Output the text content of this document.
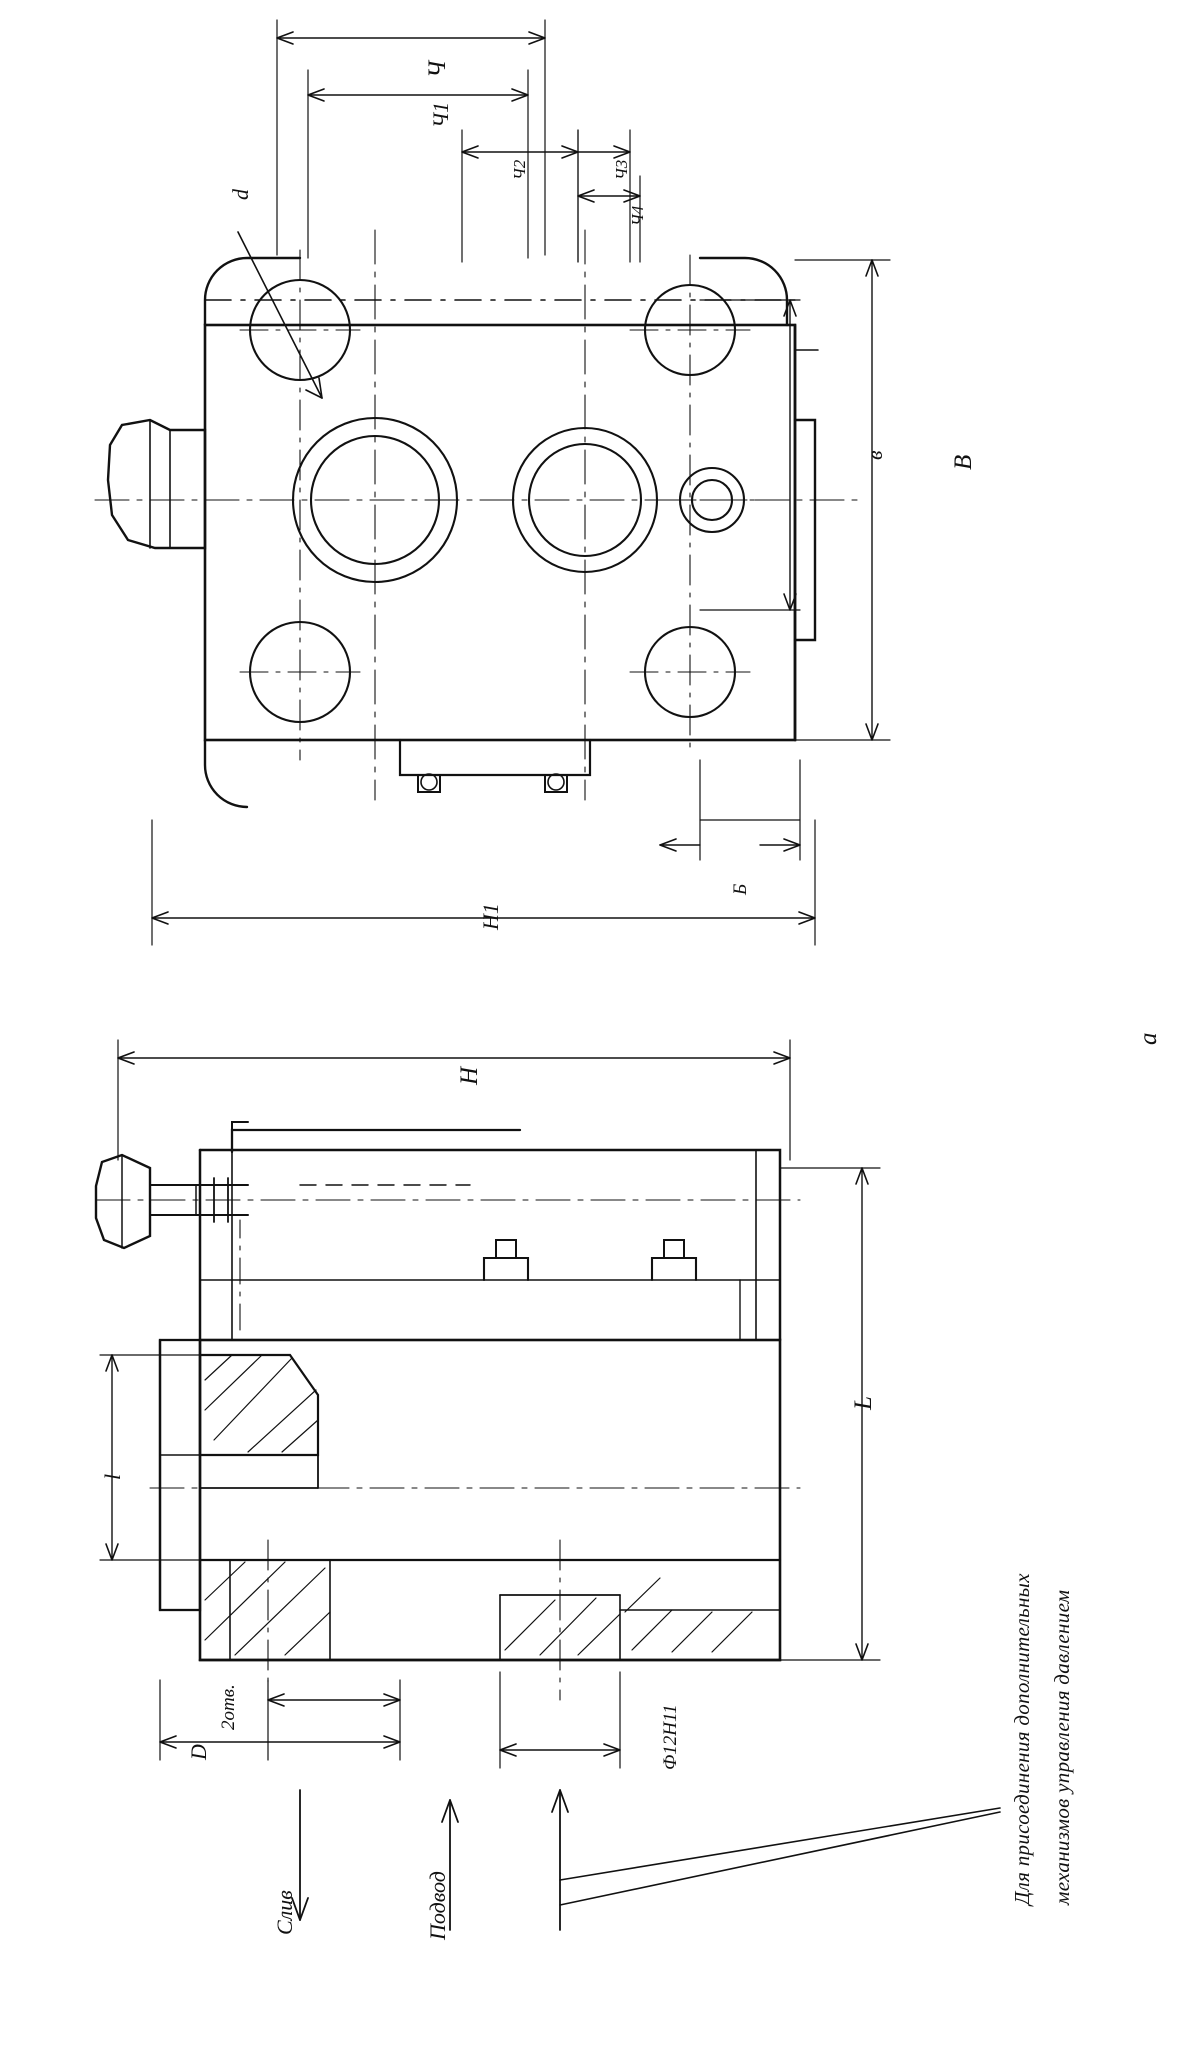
Ч
Ч1
Ч2	Ч3
Ч4
В
в
Б
Н1
d
Н
L
l
D
2отв.	Ф12Н11
Слив	Подвод
Для присоединения дополнительных механизмов управления давлением
а
